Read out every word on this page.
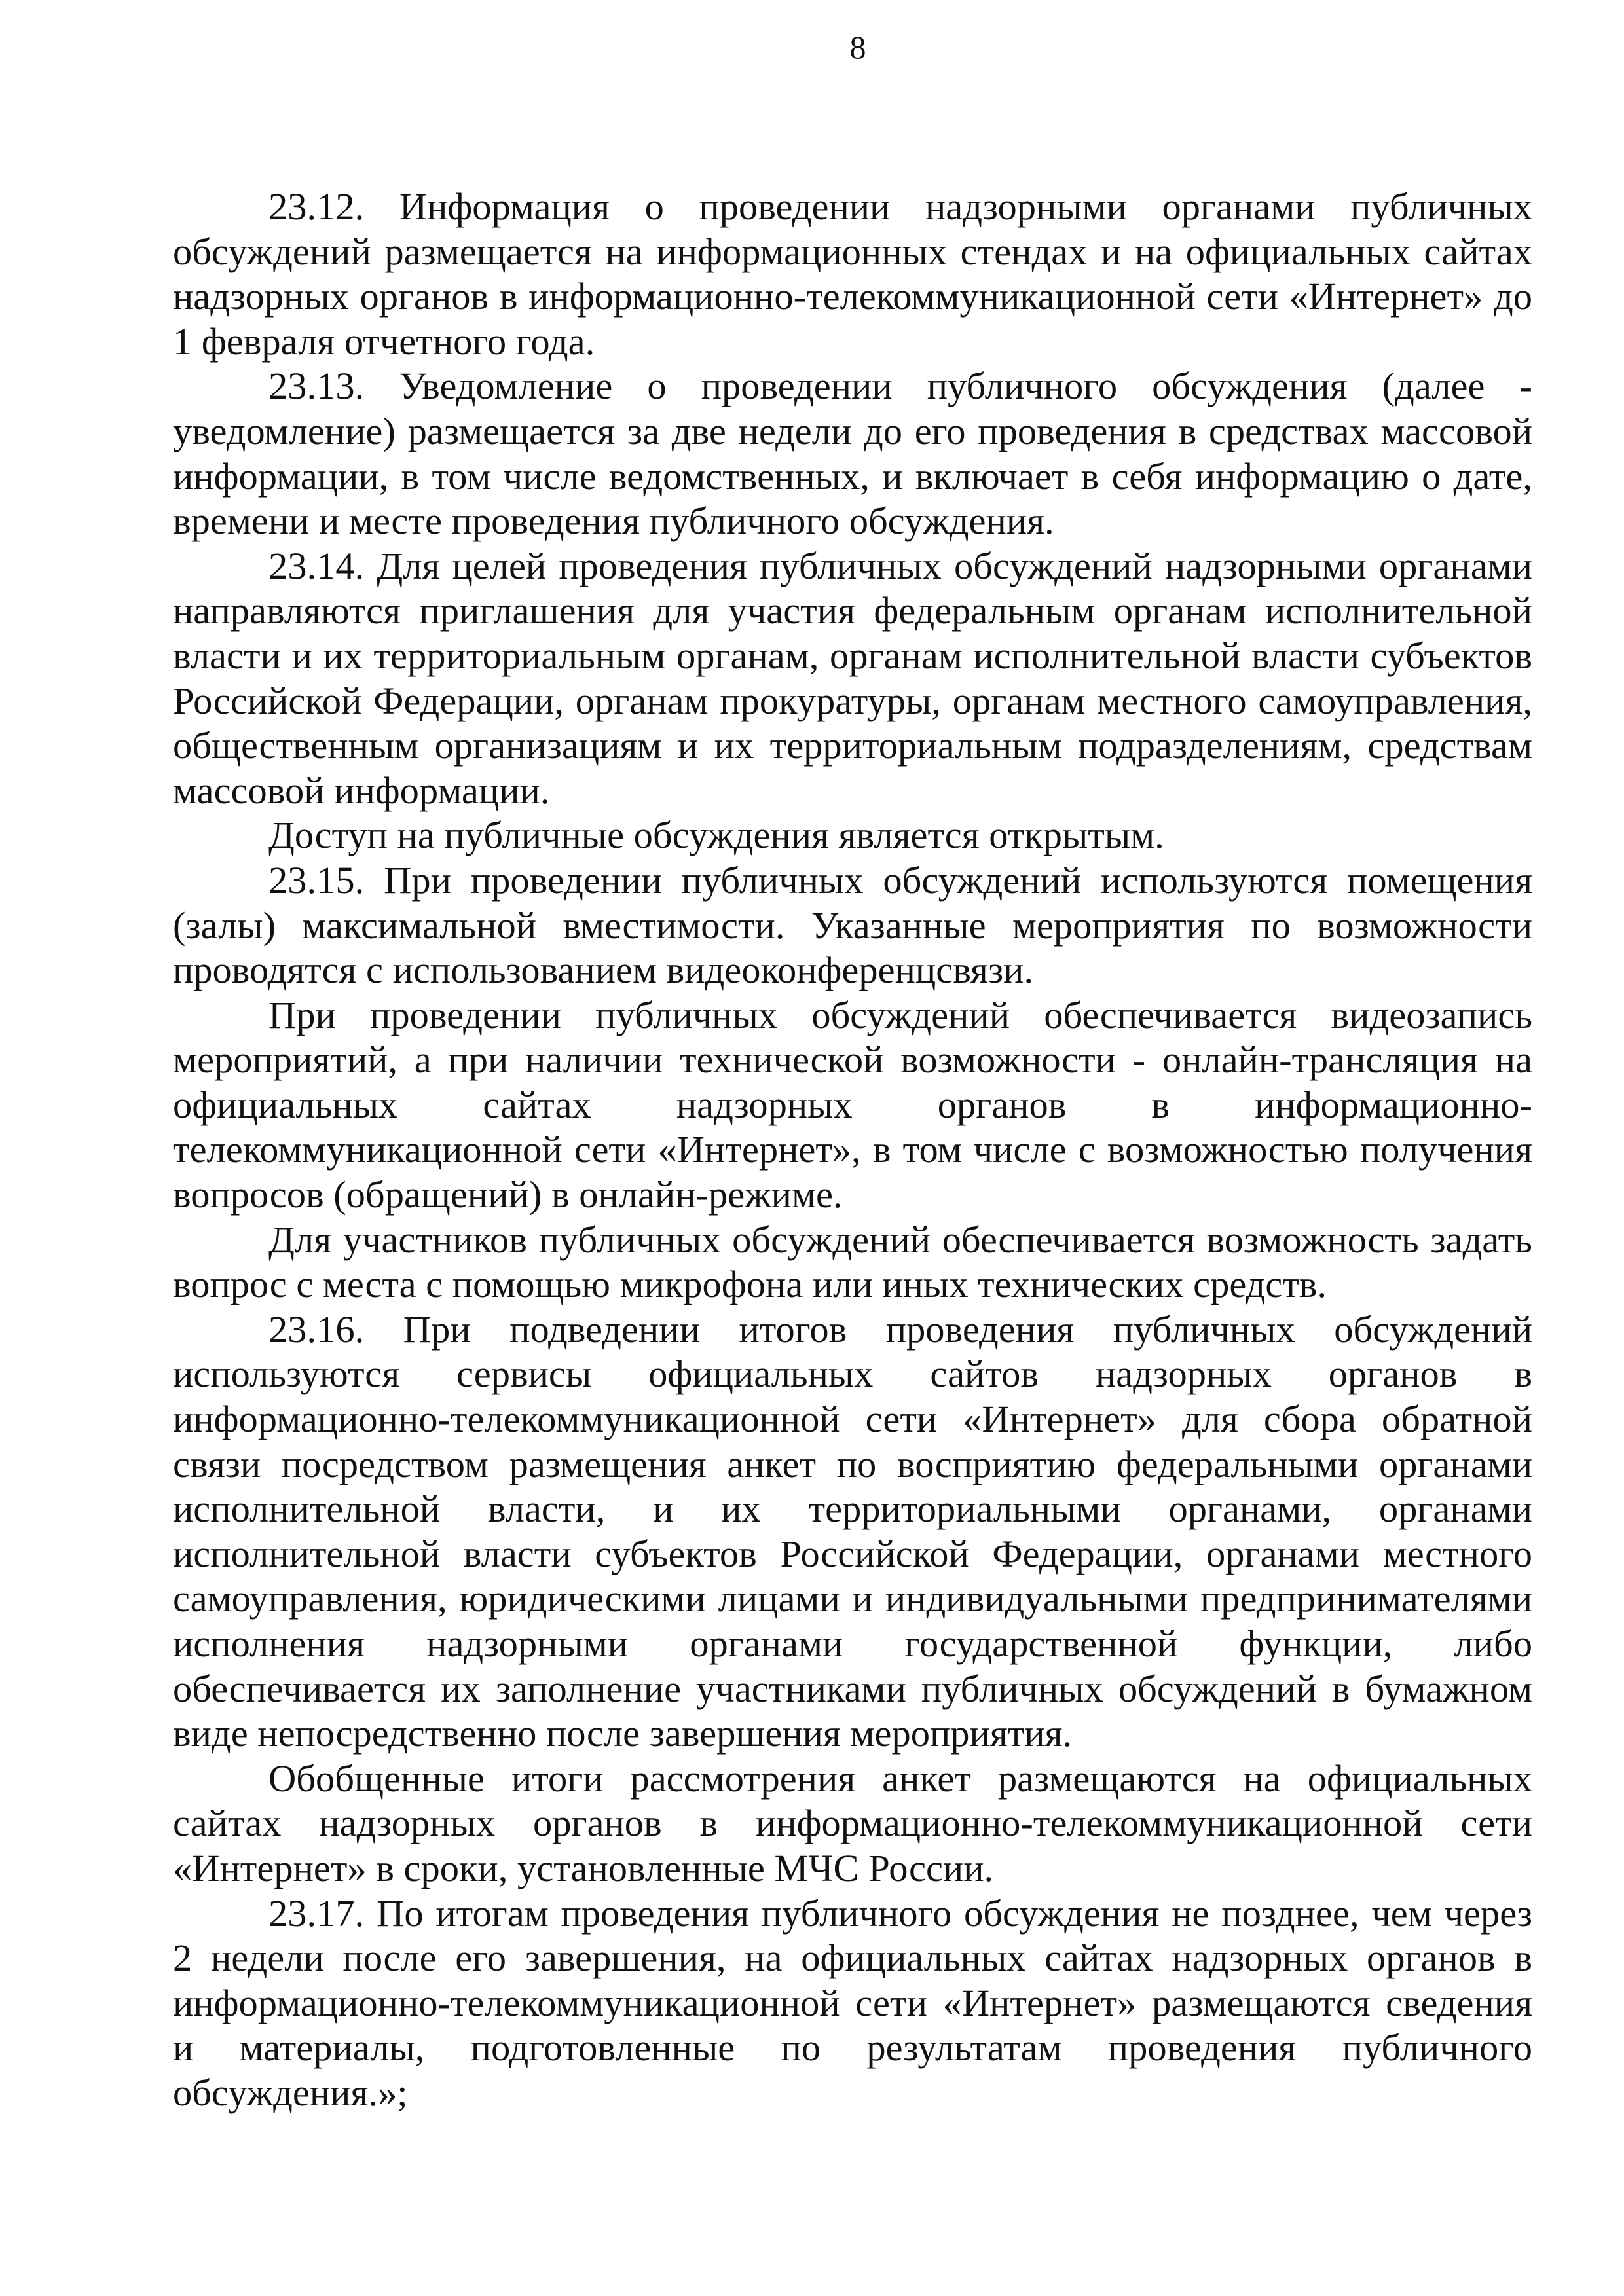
8

23.12. Информация о проведении надзорными органами публичных обсуждений размещается на информационных стендах и на официальных сайтах надзорных органов в информационно-телекоммуникационной сети «Интернет» до 1 февраля отчетного года.

23.13. Уведомление о проведении публичного обсуждения (далее - уведомление) размещается за две недели до его проведения в средствах массовой информации, в том числе ведомственных, и включает в себя информацию о дате, времени и месте проведения публичного обсуждения.

23.14. Для целей проведения публичных обсуждений надзорными органами направляются приглашения для участия федеральным органам исполнительной власти и их территориальным органам, органам исполнительной власти субъектов Российской Федерации, органам прокуратуры, органам местного самоуправления, общественным организациям и их территориальным подразделениям, средствам массовой информации.

Доступ на публичные обсуждения является открытым.

23.15. При проведении публичных обсуждений используются помещения (залы) максимальной вместимости. Указанные мероприятия по возможности проводятся с использованием видеоконференцсвязи.

При проведении публичных обсуждений обеспечивается видеозапись мероприятий, а при наличии технической возможности - онлайн-трансляция на официальных сайтах надзорных органов в информационно-телекоммуникационной сети «Интернет», в том числе с возможностью получения вопросов (обращений) в онлайн-режиме.

Для участников публичных обсуждений обеспечивается возможность задать вопрос с места с помощью микрофона или иных технических средств.

23.16. При подведении итогов проведения публичных обсуждений используются сервисы официальных сайтов надзорных органов в информационно-телекоммуникационной сети «Интернет» для сбора обратной связи посредством размещения анкет по восприятию федеральными органами исполнительной власти, и их территориальными органами, органами исполнительной власти субъектов Российской Федерации, органами местного самоуправления, юридическими лицами и индивидуальными предпринимателями исполнения надзорными органами государственной функции, либо обеспечивается их заполнение участниками публичных обсуждений в бумажном виде непосредственно после завершения мероприятия.

Обобщенные итоги рассмотрения анкет размещаются на официальных сайтах надзорных органов в информационно-телекоммуникационной сети «Интернет» в сроки, установленные МЧС России.

23.17. По итогам проведения публичного обсуждения не позднее, чем через 2 недели после его завершения, на официальных сайтах надзорных органов в информационно-телекоммуникационной сети «Интернет» размещаются сведения и материалы, подготовленные по результатам проведения публичного обсуждения.»;
